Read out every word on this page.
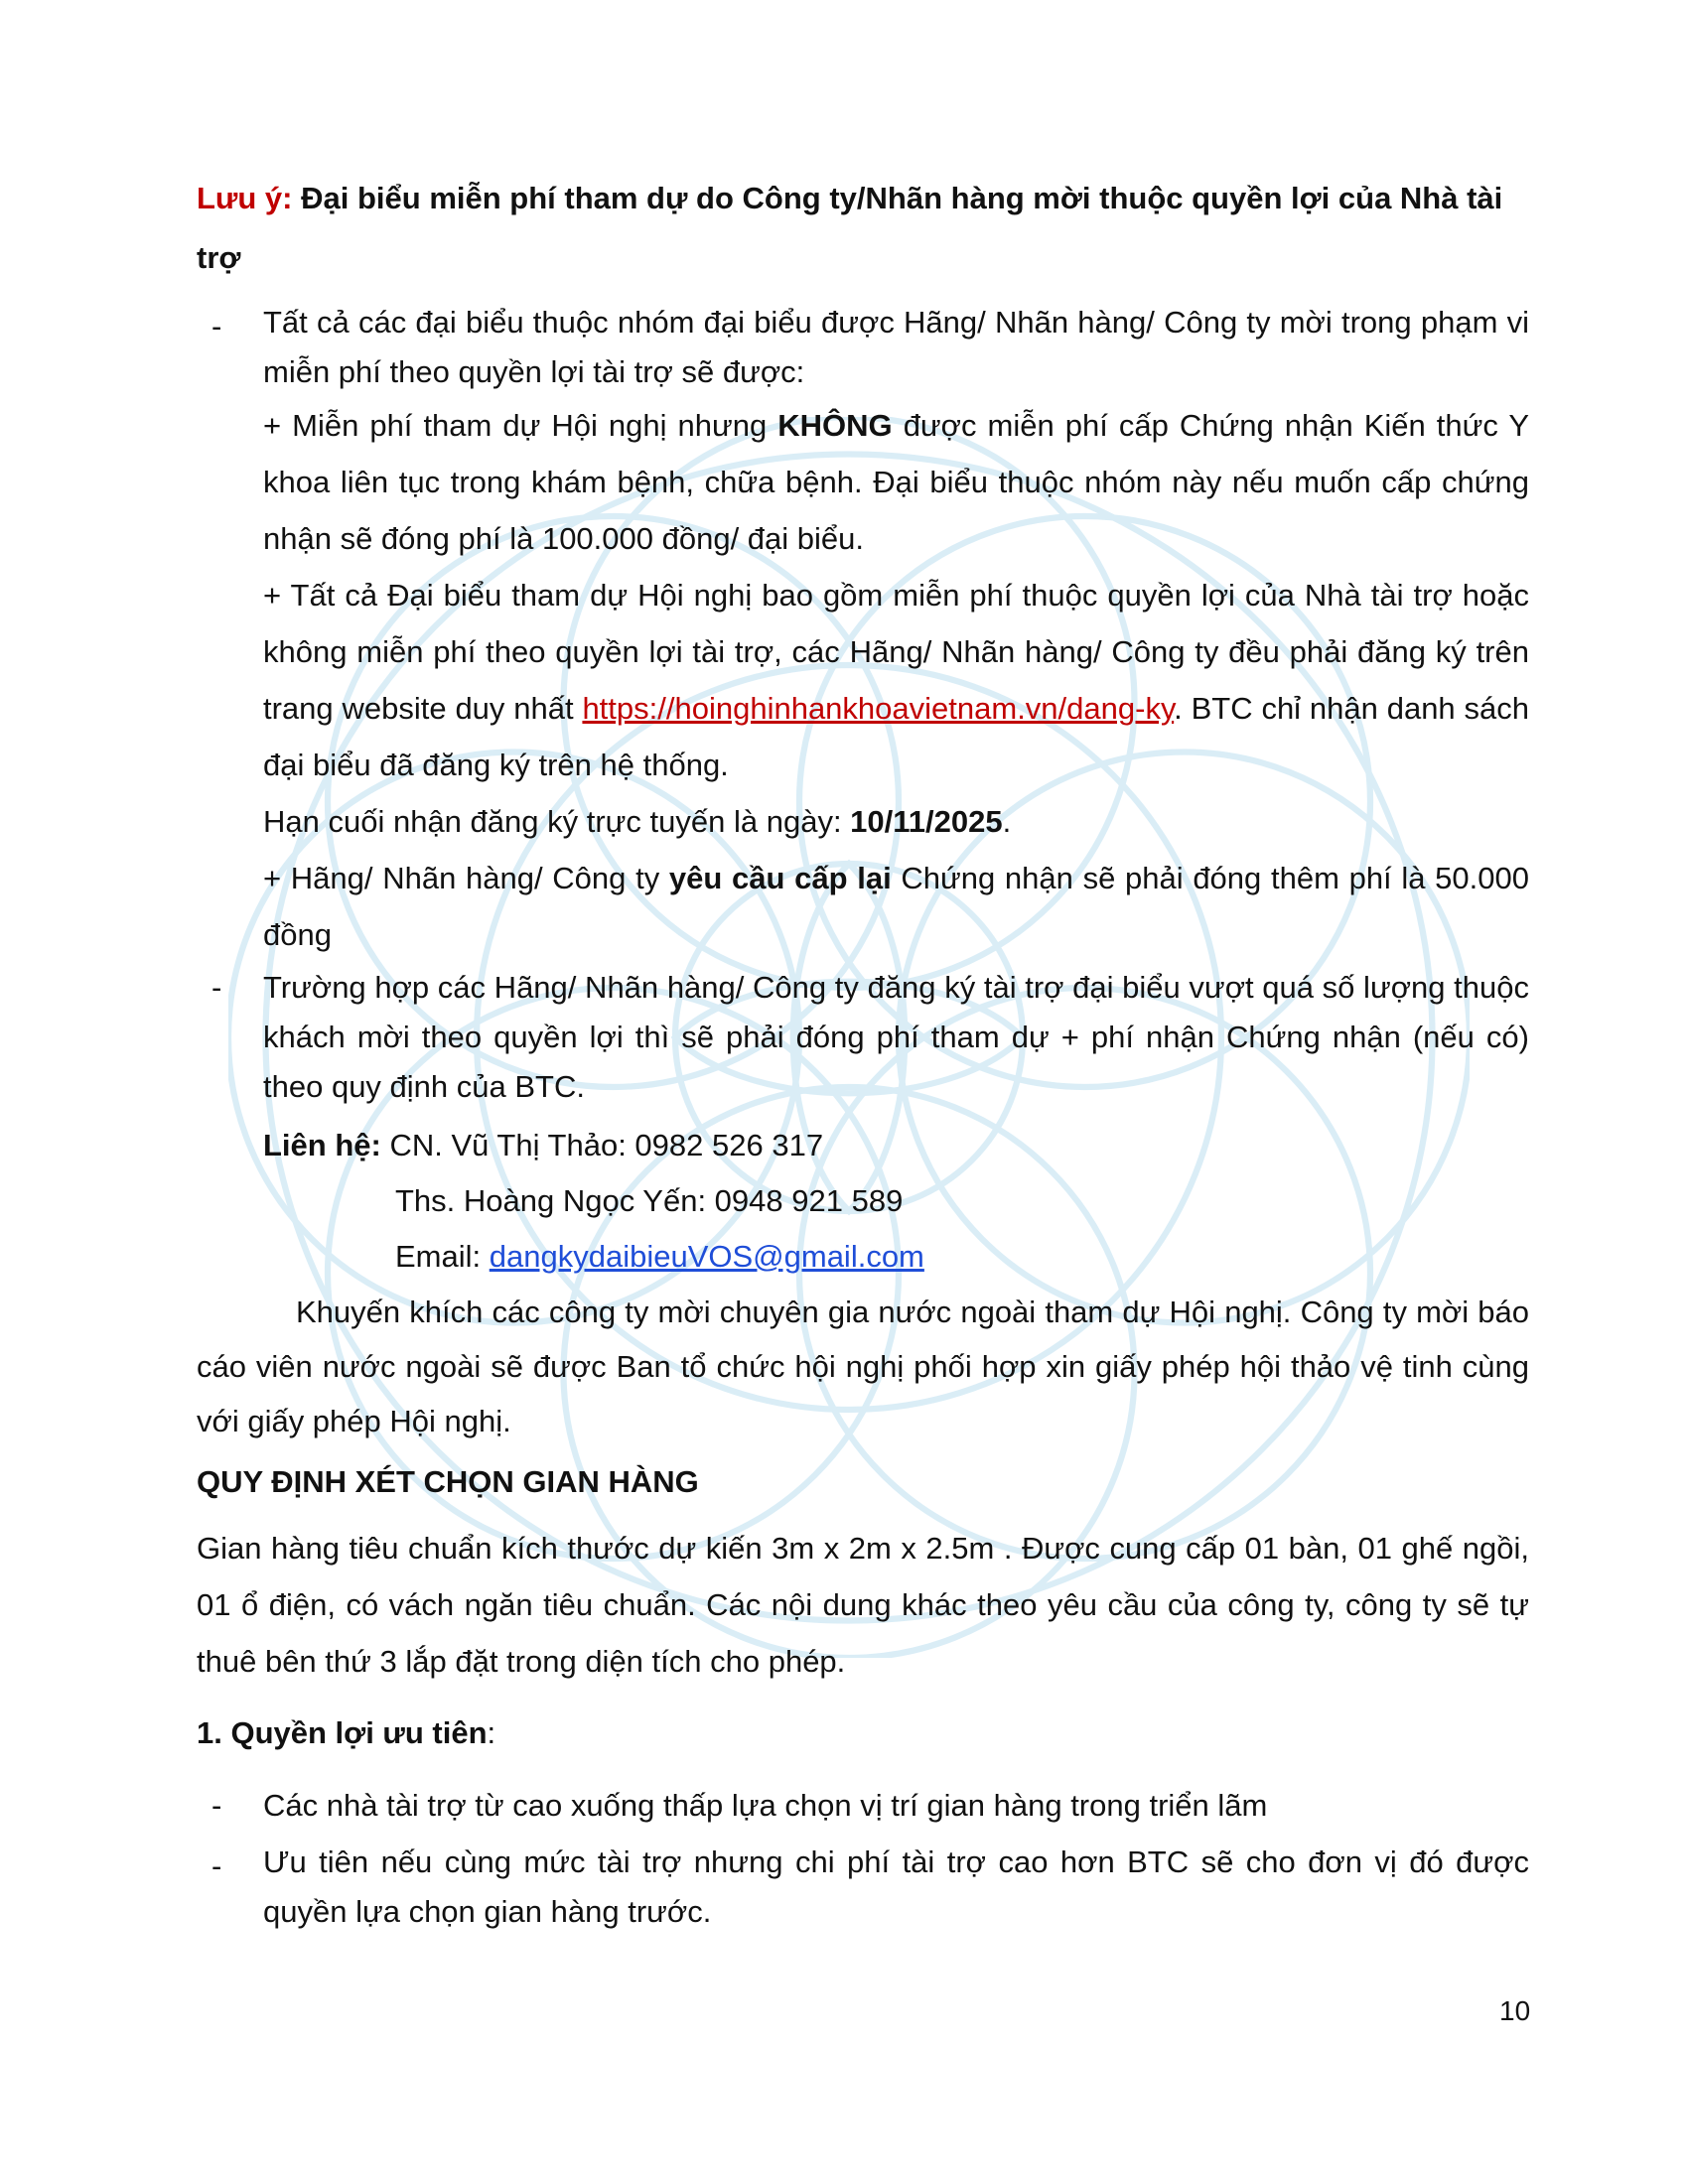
Lưu ý: Đại biểu miễn phí tham dự do Công ty/Nhãn hàng mời thuộc quyền lợi của Nhà tài trợ
- Tất cả các đại biểu thuộc nhóm đại biểu được Hãng/ Nhãn hàng/ Công ty mời trong phạm vi miễn phí theo quyền lợi tài trợ sẽ được:
+ Miễn phí tham dự Hội nghị nhưng KHÔNG được miễn phí cấp Chứng nhận Kiến thức Y khoa liên tục trong khám bệnh, chữa bệnh. Đại biểu thuộc nhóm này nếu muốn cấp chứng nhận sẽ đóng phí là 100.000 đồng/ đại biểu.
+ Tất cả Đại biểu tham dự Hội nghị bao gồm miễn phí thuộc quyền lợi của Nhà tài trợ hoặc không miễn phí theo quyền lợi tài trợ, các Hãng/ Nhãn hàng/ Công ty đều phải đăng ký trên trang website duy nhất https://hoinghinhankhoavietnam.vn/dang-ky. BTC chỉ nhận danh sách đại biểu đã đăng ký trên hệ thống.
Hạn cuối nhận đăng ký trực tuyến là ngày: 10/11/2025.
+ Hãng/ Nhãn hàng/ Công ty yêu cầu cấp lại Chứng nhận sẽ phải đóng thêm phí là 50.000 đồng
- Trường hợp các Hãng/ Nhãn hàng/ Công ty đăng ký tài trợ đại biểu vượt quá số lượng thuộc khách mời theo quyền lợi thì sẽ phải đóng phí tham dự + phí nhận Chứng nhận (nếu có) theo quy định của BTC.
Liên hệ: CN. Vũ Thị Thảo: 0982 526 317
Ths. Hoàng Ngọc Yến: 0948 921 589
Email: dangkydaibieuVOS@gmail.com
Khuyến khích các công ty mời chuyên gia nước ngoài tham dự Hội nghị. Công ty mời báo cáo viên nước ngoài sẽ được Ban tổ chức hội nghị phối hợp xin giấy phép hội thảo vệ tinh cùng với giấy phép Hội nghị.
QUY ĐỊNH XÉT CHỌN GIAN HÀNG
Gian hàng tiêu chuẩn kích thước dự kiến 3m x 2m x 2.5m . Được cung cấp 01 bàn, 01 ghế ngồi, 01 ổ điện, có vách ngăn tiêu chuẩn. Các nội dung khác theo yêu cầu của công ty, công ty sẽ tự thuê bên thứ 3 lắp đặt trong diện tích cho phép.
1. Quyền lợi ưu tiên:
- Các nhà tài trợ từ cao xuống thấp lựa chọn vị trí gian hàng trong triển lãm
- Ưu tiên nếu cùng mức tài trợ nhưng chi phí tài trợ cao hơn BTC sẽ cho đơn vị đó được quyền lựa chọn gian hàng trước.
10
